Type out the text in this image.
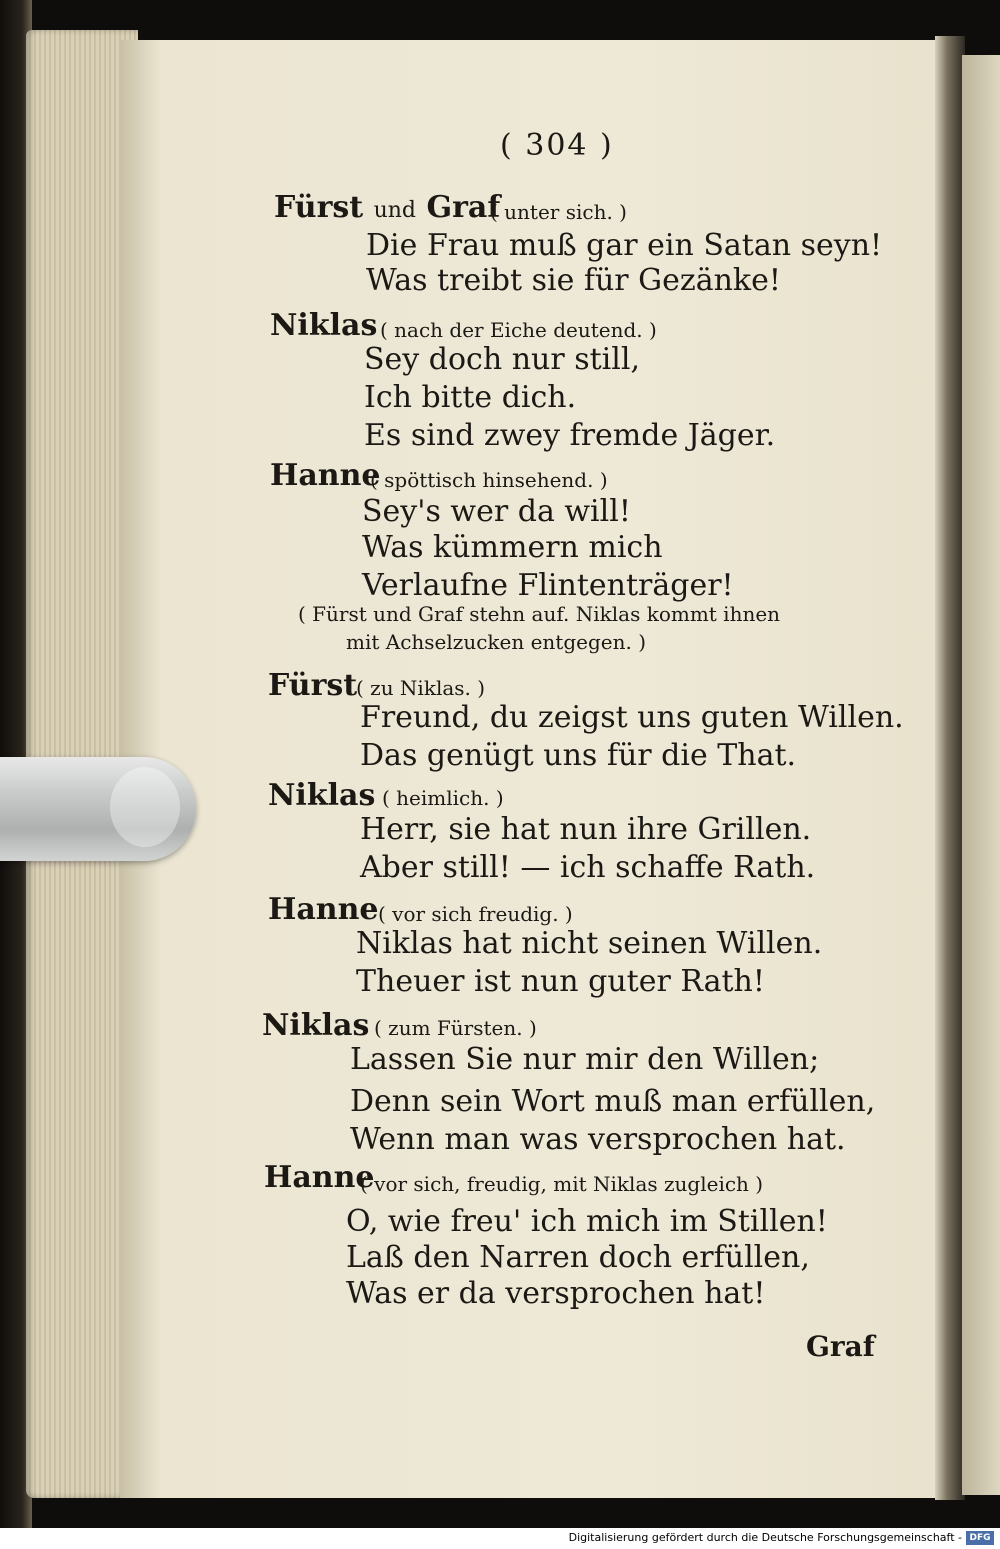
( 304 )
Fürst und Graf
( unter sich. )
Die Frau muß gar ein Satan seyn!
Was treibt sie für Gezänke!
Niklas ( nach der Eiche deutend. )
Sey doch nur still,
Ich bitte dich.
Es sind zwey fremde Jäger.
Hanne
( spöttisch hinsehend. )
Sey's wer da will!
Was kümmern mich
Verlaufne Flintenträger!
( Fürst und Graf stehn auf. Niklas kommt ihnen
mit Achselzucken entgegen. )
Fürst
( zu Niklas. )
Freund, du zeigst uns guten Willen.
Das genügt uns für die That.
Niklas ( heimlich. )
Herr, sie hat nun ihre Grillen.
Aber still! — ich schaffe Rath.
Hanne ( vor sich freudig. )
Niklas hat nicht seinen Willen.
Theuer ist nun guter Rath!
Niklas ( zum Fürsten. )
Lassen Sie nur mir den Willen;
Denn sein Wort muß man erfüllen,
Wenn man was versprochen hat.
Hanne
( vor sich, freudig, mit Niklas zugleich )
O, wie freu' ich mich im Stillen!
Laß den Narren doch erfüllen,
Was er da versprochen hat!
Graf
Digitalisierung gefördert durch die Deutsche Forschungsgemeinschaft - DFG
